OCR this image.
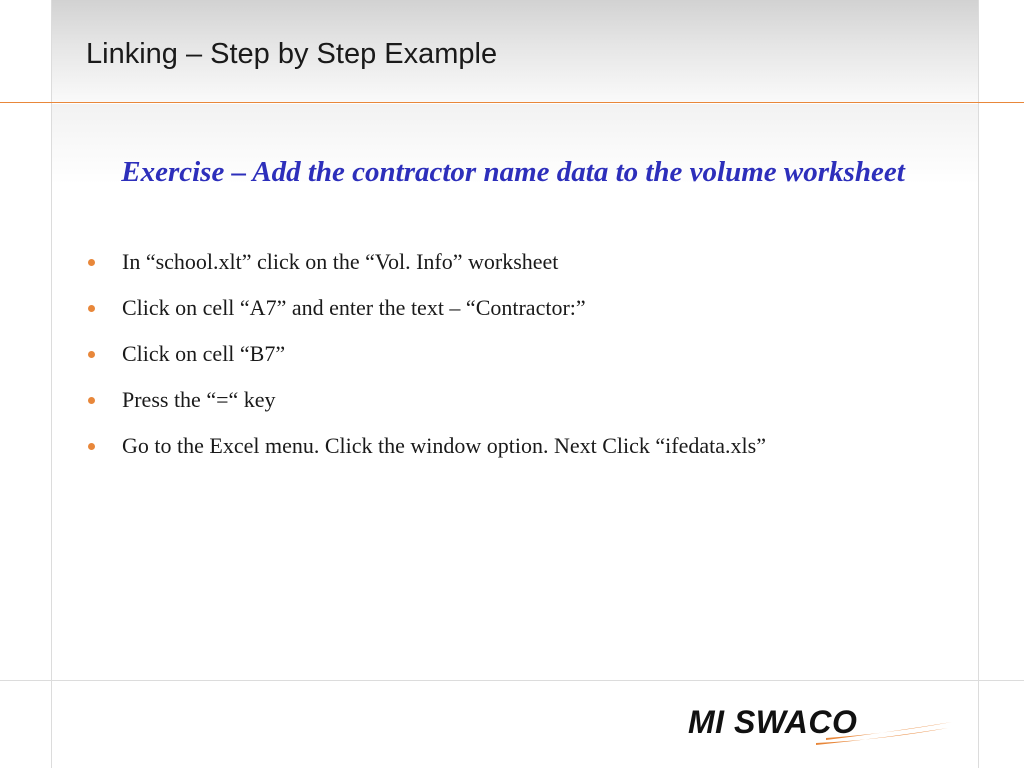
Linking – Step by Step Example
Exercise – Add the contractor name data to the volume worksheet
In “school.xlt” click on the “Vol. Info” worksheet
Click on cell “A7” and enter the text – “Contractor:”
Click on cell “B7”
Press the “=“ key
Go to the Excel menu. Click the window option. Next Click “ifedata.xls”
MI SWACO
